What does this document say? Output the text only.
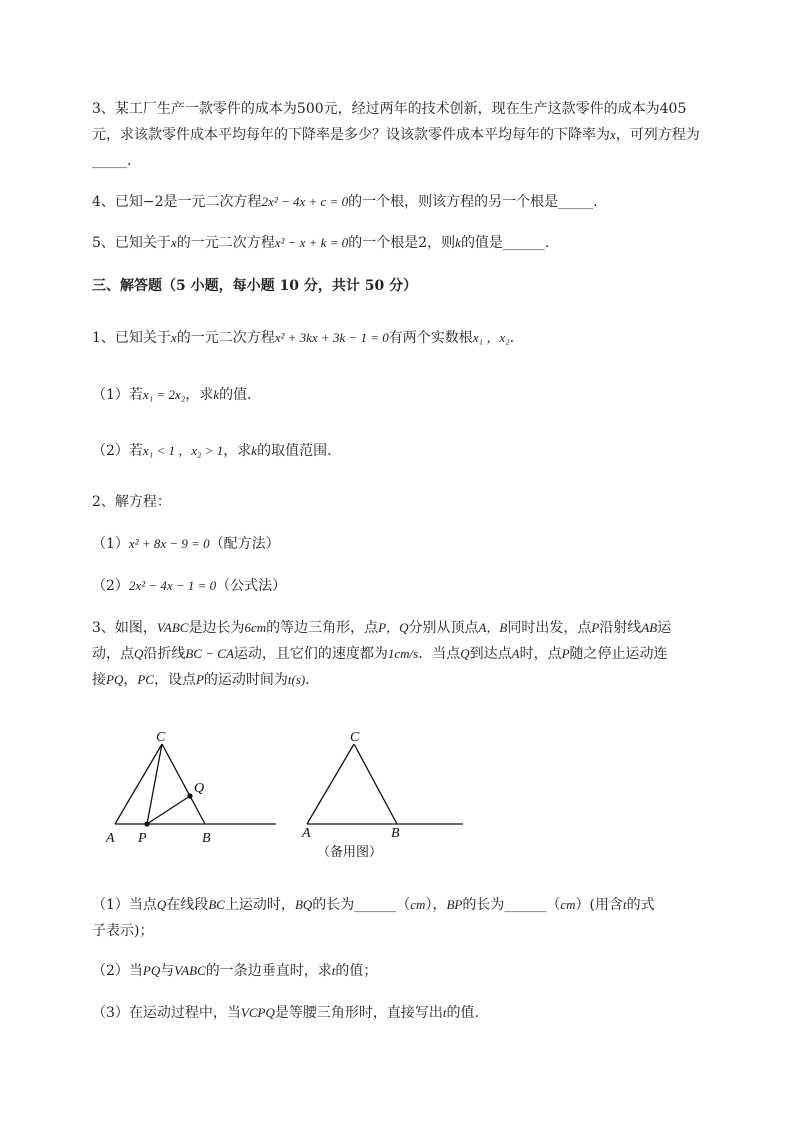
3、某工厂生产一款零件的成本为500元，经过两年的技术创新，现在生产这款零件的成本为405
元，求该款零件成本平均每年的下降率是多少？设该款零件成本平均每年的下降率为x，可列方程为
_____.
4、已知−2是一元二次方程2x² − 4x + c = 0的一个根，则该方程的另一个根是_____.
5、已知关于x的一元二次方程x² − x + k = 0的一个根是2，则k的值是______.
三、解答题（5 小题，每小题 10 分，共计 50 分）
1、已知关于x的一元二次方程x² + 3kx + 3k − 1 = 0有两个实数根x₁ ，x₂.
（1）若x₁ = 2x₂，求k的值.
（2）若x₁ < 1 ，x₂ > 1，求k的取值范围.
2、解方程：
（1）x² + 8x − 9 = 0（配方法）
（2）2x² − 4x − 1 = 0（公式法）
3、如图，VABC是边长为6cm的等边三角形，点P，Q分别从顶点A，B同时出发，点P沿射线AB运
动，点Q沿折线BC − CA运动，且它们的速度都为1cm/s．当点Q到达点A时，点P随之停止运动连
接PQ，PC，设点P的运动时间为t(s)．
C
Q
A P	B
C
A	B
（备用图）
（1）当点Q在线段BC上运动时，BQ的长为______（cm），BP的长为______（cm）(用含t的式
子表示)；
（2）当PQ与VABC的一条边垂直时，求t的值；
（3）在运动过程中，当VCPQ是等腰三角形时，直接写出t的值.
